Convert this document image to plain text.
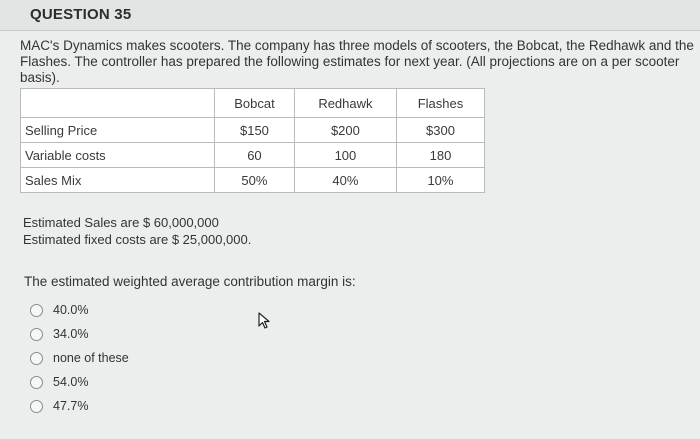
QUESTION 35
MAC's Dynamics makes scooters. The company has three models of scooters, the Bobcat, the Redhawk and the Flashes. The controller has prepared the following estimates for next year. (All projections are on a per scooter basis).
	Bobcat	Redhawk	Flashes
Selling Price	$150	$200	$300
Variable costs	60	100	180
Sales Mix	50%	40%	10%
Estimated Sales are $ 60,000,000
Estimated fixed costs are $ 25,000,000.
The estimated weighted average contribution margin is:
40.0%
34.0%
none of these
54.0%
47.7%
